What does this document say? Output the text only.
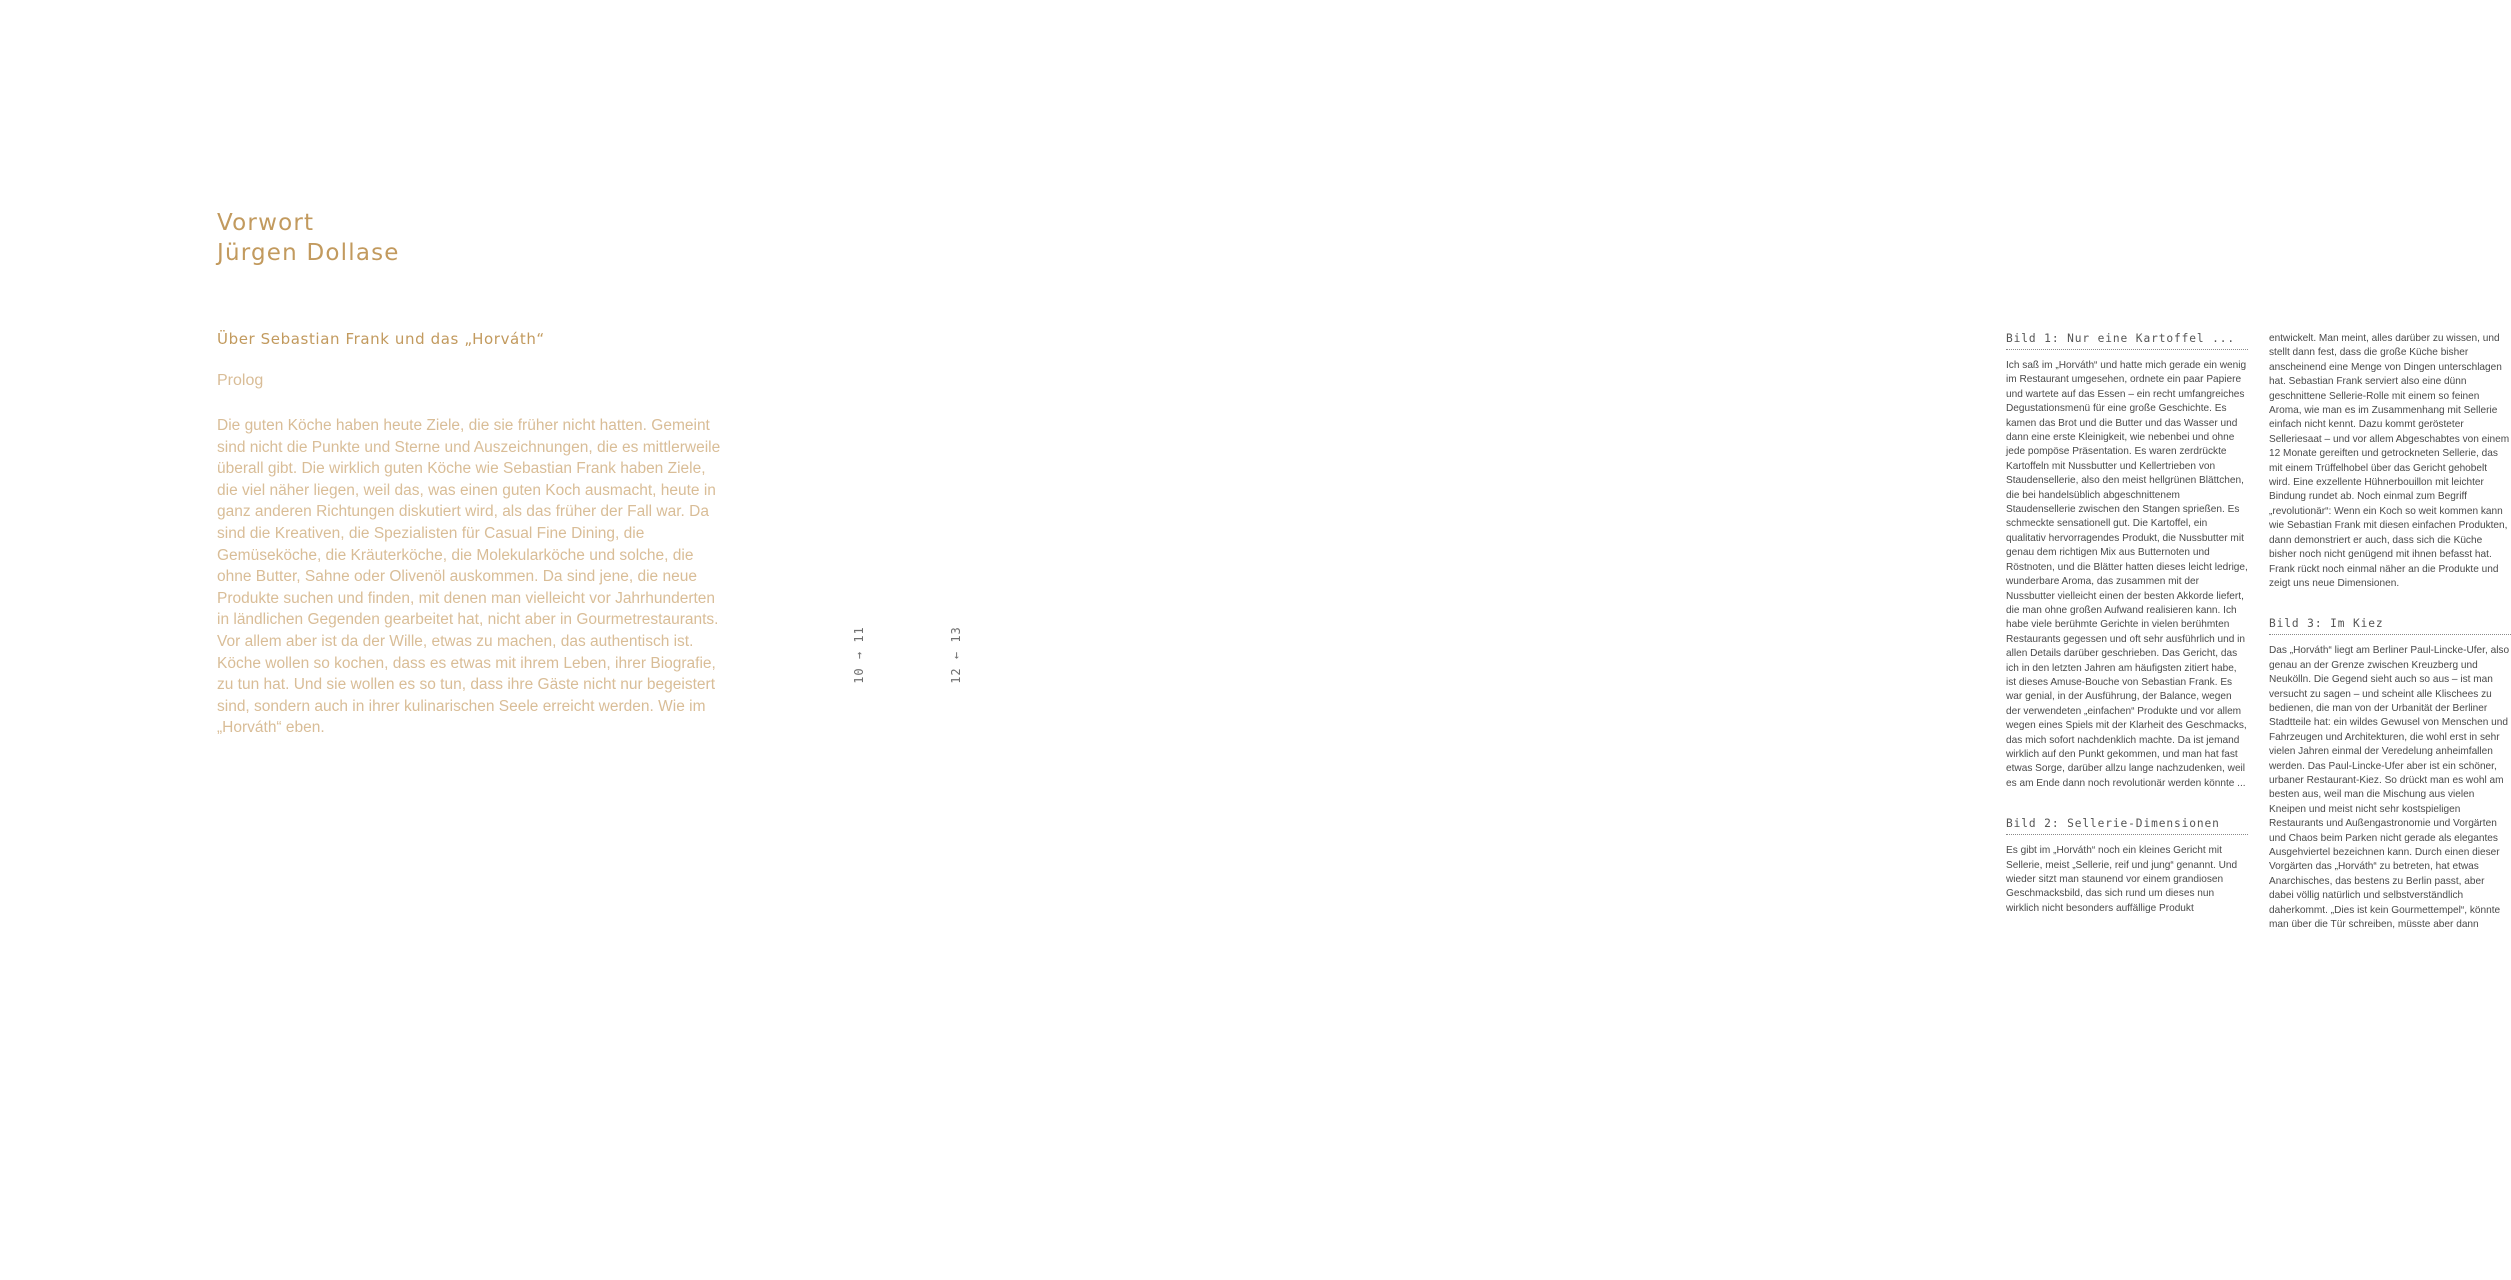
Vorwort
Jürgen Dollase
Über Sebastian Frank und das „Horváth“
Prolog

Die guten Köche haben heute Ziele, die sie früher nicht hatten. Gemeint sind nicht die Punkte und Sterne und Auszeichnungen, die es mittlerweile überall gibt. Die wirklich guten Köche wie Sebastian Frank haben Ziele, die viel näher liegen, weil das, was einen guten Koch ausmacht, heute in ganz anderen Richtungen diskutiert wird, als das früher der Fall war. Da sind die Kreativen, die Spezialisten für Casual Fine Dining, die Gemüseköche, die Kräuterköche, die Molekularköche und solche, die ohne Butter, Sahne oder Olivenöl auskommen. Da sind jene, die neue Produkte suchen und finden, mit denen man vielleicht vor Jahrhunderten in ländlichen Gegenden gearbeitet hat, nicht aber in Gourmetrestaurants. Vor allem aber ist da der Wille, etwas zu machen, das authentisch ist. Köche wollen so kochen, dass es etwas mit ihrem Leben, ihrer Biografie, zu tun hat. Und sie wollen es so tun, dass ihre Gäste nicht nur begeistert sind, sondern auch in ihrer kulinarischen Seele erreicht werden. Wie im „Horváth“ eben.

10 → 11
Bild 1: Nur eine Kartoffel ...

Ich saß im „Horváth“ und hatte mich gerade ein wenig im Restaurant umgesehen, ordnete ein paar Papiere und wartete auf das Essen – ein recht umfangreiches Degustationsmenü für eine große Geschichte. Es kamen das Brot und die Butter und das Wasser und dann eine erste Kleinigkeit, wie nebenbei und ohne jede pompöse Präsentation. Es waren zerdrückte Kartoffeln mit Nussbutter und Kellertrieben von Staudensellerie, also den meist hellgrünen Blättchen, die bei handelsüblich abgeschnittenem Staudensellerie zwischen den Stangen sprießen. Es schmeckte sensationell gut. Die Kartoffel, ein qualitativ hervorragendes Produkt, die Nussbutter mit genau dem richtigen Mix aus Butternoten und Röstnoten, und die Blätter hatten dieses leicht ledrige, wunderbare Aroma, das zusammen mit der Nussbutter vielleicht einen der besten Akkorde liefert, die man ohne großen Aufwand realisieren kann. Ich habe viele berühmte Gerichte in vielen berühmten Restaurants gegessen und oft sehr ausführlich und in allen Details darüber geschrieben. Das Gericht, das ich in den letzten Jahren am häufigsten zitiert habe, ist dieses Amuse-Bouche von Sebastian Frank. Es war genial, in der Ausführung, der Balance, wegen der verwendeten „einfachen“ Produkte und vor allem wegen eines Spiels mit der Klarheit des Geschmacks, das mich sofort nachdenklich machte. Da ist jemand wirklich auf den Punkt gekommen, und man hat fast etwas Sorge, darüber allzu lange nachzudenken, weil es am Ende dann noch revolutionär werden könnte ...

Bild 2: Sellerie-Dimensionen

Es gibt im „Horváth“ noch ein kleines Gericht mit Sellerie, meist „Sellerie, reif und jung“ genannt. Und wieder sitzt man staunend vor einem grandiosen Geschmacksbild, das sich rund um dieses nun wirklich nicht besonders auffällige Produkt

entwickelt. Man meint, alles darüber zu wissen, und stellt dann fest, dass die große Küche bisher anscheinend eine Menge von Dingen unterschlagen hat. Sebastian Frank serviert also eine dünn geschnittene Sellerie-Rolle mit einem so feinen Aroma, wie man es im Zusammenhang mit Sellerie einfach nicht kennt. Dazu kommt gerösteter Selleriesaat – und vor allem Abgeschabtes von einem 12 Monate gereiften und getrockneten Sellerie, das mit einem Trüffelhobel über das Gericht gehobelt wird. Eine exzellente Hühnerbouillon mit leichter Bindung rundet ab. Noch einmal zum Begriff „revolutionär“: Wenn ein Koch so weit kommen kann wie Sebastian Frank mit diesen einfachen Produkten, dann demonstriert er auch, dass sich die Küche bisher noch nicht genügend mit ihnen befasst hat. Frank rückt noch einmal näher an die Produkte und zeigt uns neue Dimensionen.

Bild 3: Im Kiez

Das „Horváth“ liegt am Berliner Paul-Lincke-Ufer, also genau an der Grenze zwischen Kreuzberg und Neukölln. Die Gegend sieht auch so aus – ist man versucht zu sagen – und scheint alle Klischees zu bedienen, die man von der Urbanität der Berliner Stadtteile hat: ein wildes Gewusel von Menschen und Fahrzeugen und Architekturen, die wohl erst in sehr vielen Jahren einmal der Veredelung anheimfallen werden. Das Paul-Lincke-Ufer aber ist ein schöner, urbaner Restaurant-Kiez. So drückt man es wohl am besten aus, weil man die Mischung aus vielen Kneipen und meist nicht sehr kostspieligen Restaurants und Außengastronomie und Vorgärten und Chaos beim Parken nicht gerade als elegantes Ausgehviertel bezeichnen kann. Durch einen dieser Vorgärten das „Horváth“ zu betreten, hat etwas Anarchisches, das bestens zu Berlin passt, aber dabei völlig natürlich und selbstverständlich daherkommt. „Dies ist kein Gourmettempel“, könnte man über die Tür schreiben, müsste aber dann

12 ← 13
